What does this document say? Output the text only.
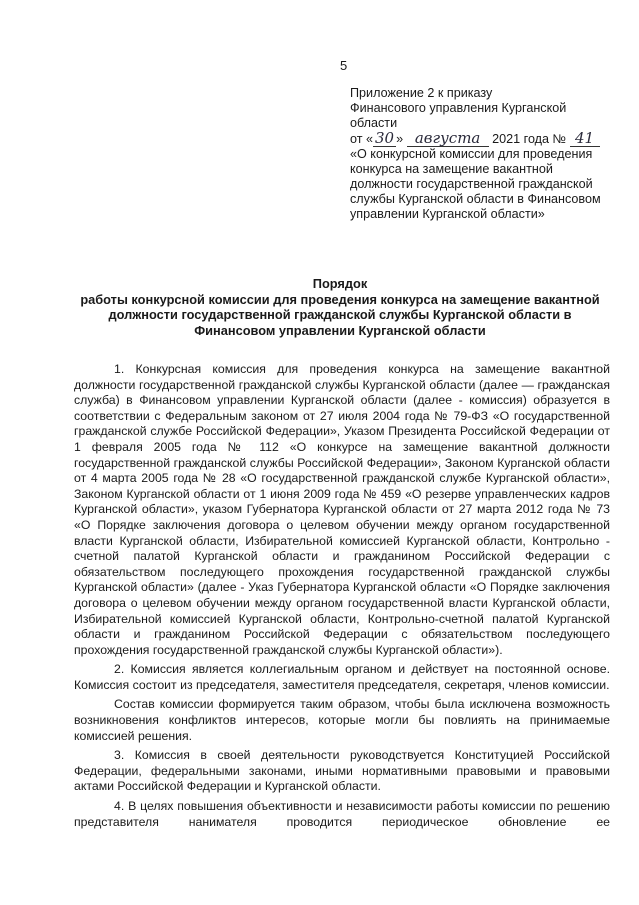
5
Приложение 2 к приказу
Финансового управления Курганской
области
от « 30 » августа 2021 года № 41
«О конкурсной комиссии для проведения конкурса на замещение вакантной должности государственной гражданской службы Курганской области в Финансовом управлении Курганской области»
Порядок
работы конкурсной комиссии для проведения конкурса на замещение вакантной
должности государственной гражданской службы Курганской области в
Финансовом управлении Курганской области

1. Конкурсная комиссия для проведения конкурса на замещение вакантной должности государственной гражданской службы Курганской области (далее — гражданская служба) в Финансовом управлении Курганской области (далее - комиссия) образуется в соответствии с Федеральным законом от 27 июля 2004 года № 79-ФЗ «О государственной гражданской службе Российской Федерации», Указом Президента Российской Федерации от 1 февраля 2005 года № 112 «О конкурсе на замещение вакантной должности государственной гражданской службы Российской Федерации», Законом Курганской области от 4 марта 2005 года № 28 «О государственной гражданской службе Курганской области», Законом Курганской области от 1 июня 2009 года № 459 «О резерве управленческих кадров Курганской области», указом Губернатора Курганской области от 27 марта 2012 года № 73 «О Порядке заключения договора о целевом обучении между органом государственной власти Курганской области, Избирательной комиссией Курганской области, Контрольно - счетной палатой Курганской области и гражданином Российской Федерации с обязательством последующего прохождения государственной гражданской службы Курганской области» (далее - Указ Губернатора Курганской области «О Порядке заключения договора о целевом обучении между органом государственной власти Курганской области, Избирательной комиссией Курганской области, Контрольно-счетной палатой Курганской области и гражданином Российской Федерации с обязательством последующего прохождения государственной гражданской службы Курганской области»).

2. Комиссия является коллегиальным органом и действует на постоянной основе. Комиссия состоит из председателя, заместителя председателя, секретаря, членов комиссии.

Состав комиссии формируется таким образом, чтобы была исключена возможность возникновения конфликтов интересов, которые могли бы повлиять на принимаемые комиссией решения.

3. Комиссия в своей деятельности руководствуется Конституцией Российской Федерации, федеральными законами, иными нормативными правовыми и правовыми актами Российской Федерации и Курганской области.

4. В целях повышения объективности и независимости работы комиссии по решению представителя нанимателя проводится периодическое обновление ее
